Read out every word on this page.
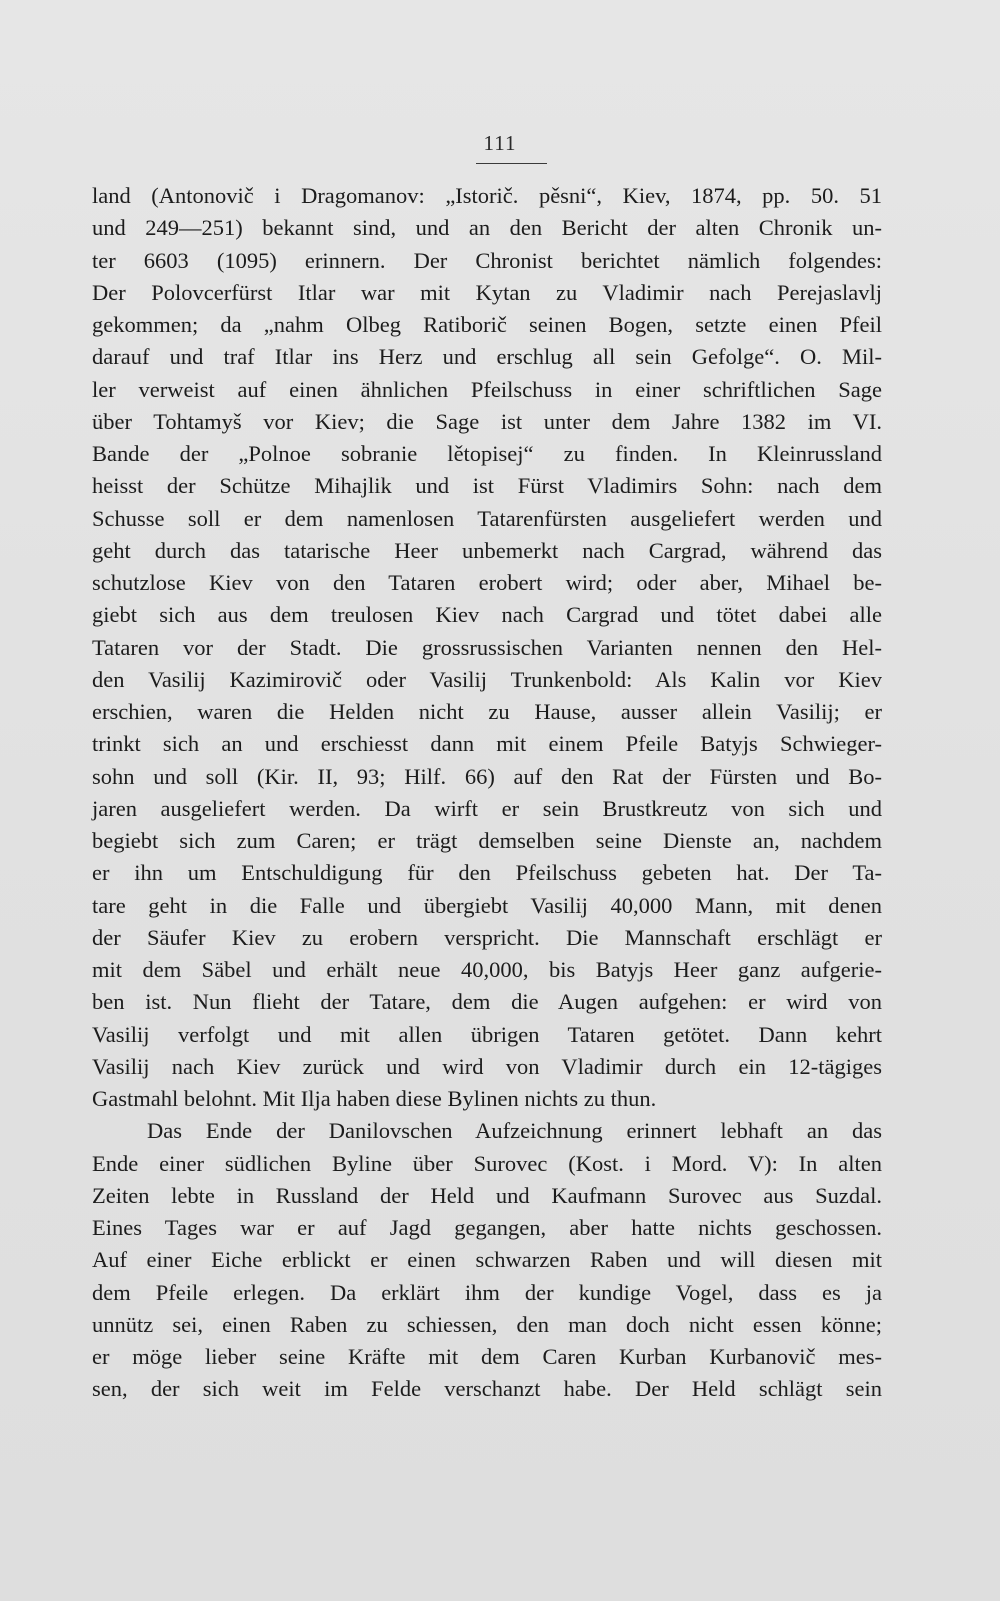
111
land (Antonovič i Dragomanov: „Istorič. pěsni“, Kiev, 1874, pp. 50. 51
und 249—251) bekannt sind, und an den Bericht der alten Chronik un-
ter 6603 (1095) erinnern. Der Chronist berichtet nämlich folgendes:
Der Polovcerfürst Itlar war mit Kytan zu Vladimir nach Perejaslavlj
gekommen; da „nahm Olbeg Ratiborič seinen Bogen, setzte einen Pfeil
darauf und traf Itlar ins Herz und erschlug all sein Gefolge“. O. Mil-
ler verweist auf einen ähnlichen Pfeilschuss in einer schriftlichen Sage
über Tohtamyš vor Kiev; die Sage ist unter dem Jahre 1382 im VI.
Bande der „Polnoe sobranie lětopisej“ zu finden. In Kleinrussland
heisst der Schütze Mihajlik und ist Fürst Vladimirs Sohn: nach dem
Schusse soll er dem namenlosen Tatarenfürsten ausgeliefert werden und
geht durch das tatarische Heer unbemerkt nach Cargrad, während das
schutzlose Kiev von den Tataren erobert wird; oder aber, Mihael be-
giebt sich aus dem treulosen Kiev nach Cargrad und tötet dabei alle
Tataren vor der Stadt. Die grossrussischen Varianten nennen den Hel-
den Vasilij Kazimirovič oder Vasilij Trunkenbold: Als Kalin vor Kiev
erschien, waren die Helden nicht zu Hause, ausser allein Vasilij; er
trinkt sich an und erschiesst dann mit einem Pfeile Batyjs Schwieger-
sohn und soll (Kir. II, 93; Hilf. 66) auf den Rat der Fürsten und Bo-
jaren ausgeliefert werden. Da wirft er sein Brustkreutz von sich und
begiebt sich zum Caren; er trägt demselben seine Dienste an, nachdem
er ihn um Entschuldigung für den Pfeilschuss gebeten hat. Der Ta-
tare geht in die Falle und übergiebt Vasilij 40,000 Mann, mit denen
der Säufer Kiev zu erobern verspricht. Die Mannschaft erschlägt er
mit dem Säbel und erhält neue 40,000, bis Batyjs Heer ganz aufgerie-
ben ist. Nun flieht der Tatare, dem die Augen aufgehen: er wird von
Vasilij verfolgt und mit allen übrigen Tataren getötet. Dann kehrt
Vasilij nach Kiev zurück und wird von Vladimir durch ein 12-tägiges
Gastmahl belohnt. Mit Ilja haben diese Bylinen nichts zu thun.
Das Ende der Danilovschen Aufzeichnung erinnert lebhaft an das
Ende einer südlichen Byline über Surovec (Kost. i Mord. V): In alten
Zeiten lebte in Russland der Held und Kaufmann Surovec aus Suzdal.
Eines Tages war er auf Jagd gegangen, aber hatte nichts geschossen.
Auf einer Eiche erblickt er einen schwarzen Raben und will diesen mit
dem Pfeile erlegen. Da erklärt ihm der kundige Vogel, dass es ja
unnütz sei, einen Raben zu schiessen, den man doch nicht essen könne;
er möge lieber seine Kräfte mit dem Caren Kurban Kurbanovič mes-
sen, der sich weit im Felde verschanzt habe. Der Held schlägt sein
